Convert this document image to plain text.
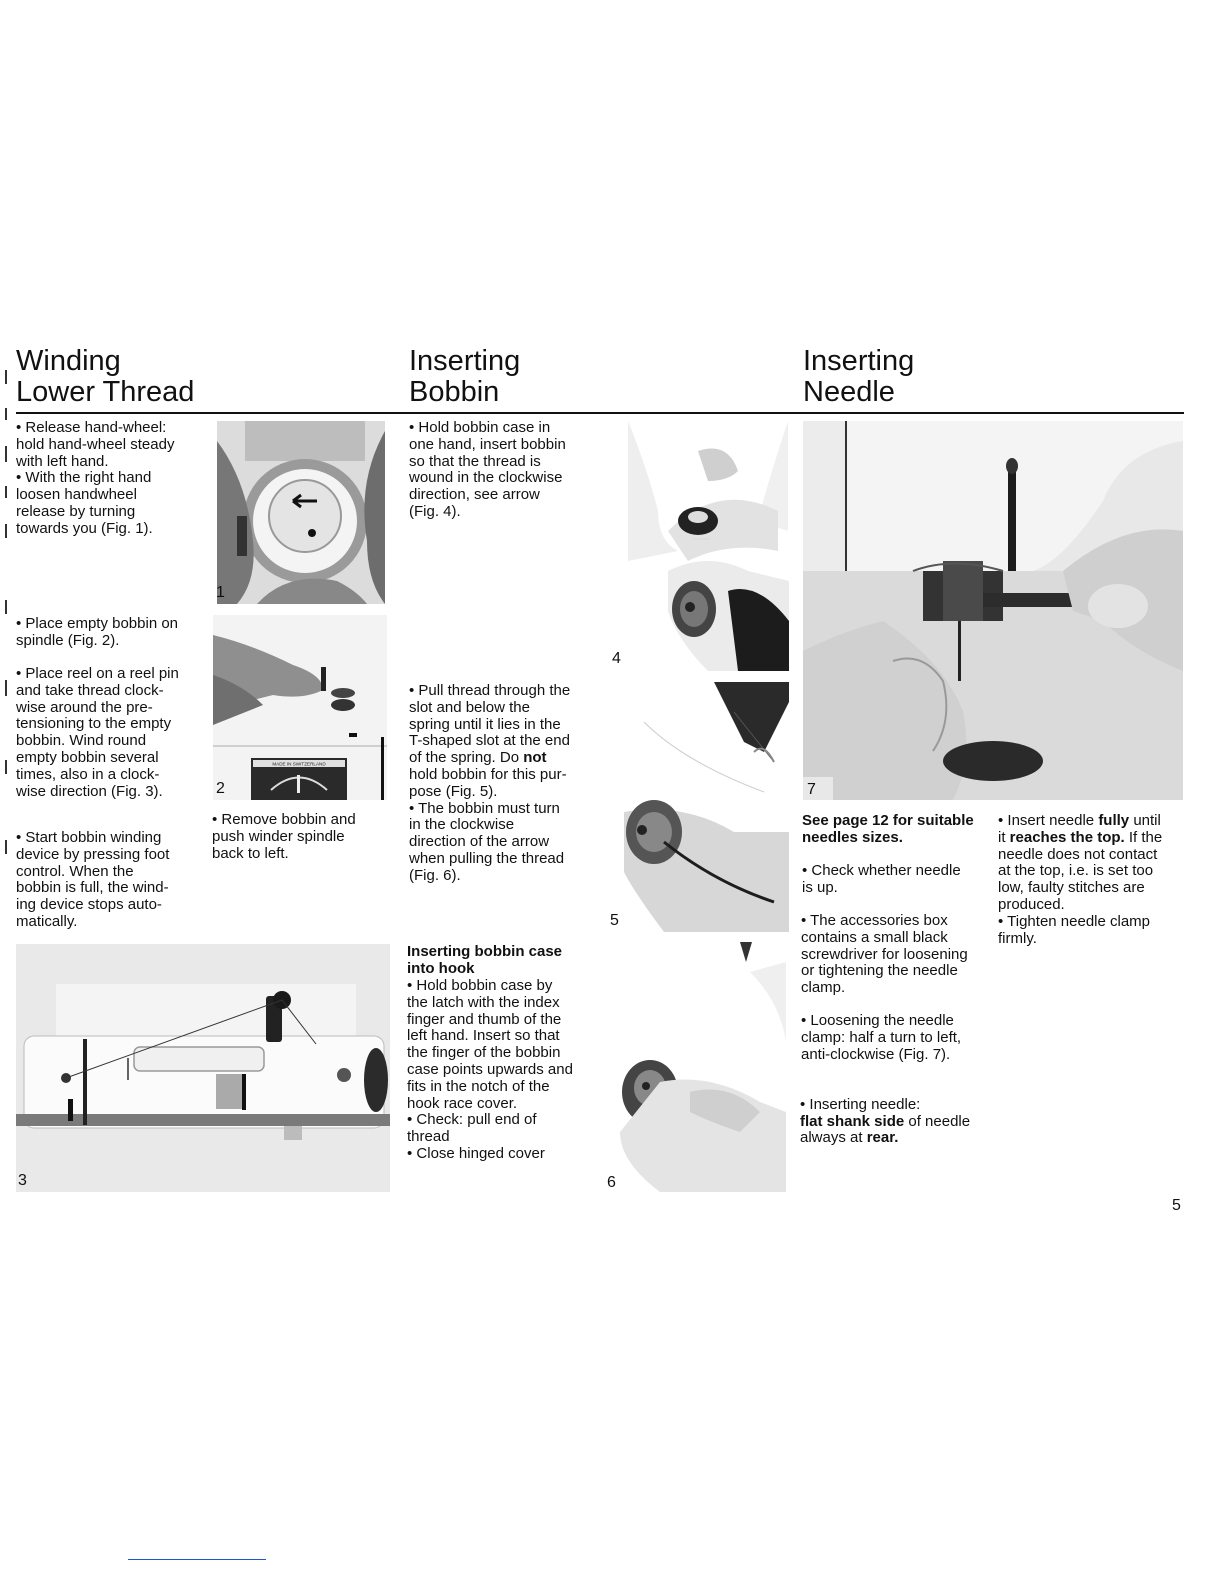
Winding
Lower Thread
Inserting
Bobbin
Inserting
Needle

• Release hand-wheel:
hold hand-wheel steady
with left hand.
• With the right hand
loosen handwheel
release by turning
towards you (Fig. 1).

• Place empty bobbin on
spindle (Fig. 2).

• Place reel on a reel pin
and take thread clock-
wise around the pre-
tensioning to the empty
bobbin. Wind round
empty bobbin several
times, also in a clock-
wise direction (Fig. 3).

• Start bobbin winding
device by pressing foot
control. When the
bobbin is full, the wind-
ing device stops auto-
matically.

• Remove bobbin and
push winder spindle
back to left.

1
MADE IN SWITZERLAND
2
3

• Hold bobbin case in
one hand, insert bobbin
so that the thread is
wound in the clockwise
direction, see arrow
(Fig. 4).

• Pull thread through the
slot and below the
spring until it lies in the
T-shaped slot at the end
of the spring. Do not
hold bobbin for this pur-
pose (Fig. 5).
• The bobbin must turn
in the clockwise
direction of the arrow
when pulling the thread
(Fig. 6).

Inserting bobbin case
into hook

• Hold bobbin case by
the latch with the index
finger and thumb of the
left hand. Insert so that
the finger of the bobbin
case points upwards and
fits in the notch of the
hook race cover.
• Check: pull end of
thread
• Close hinged cover

4
5
6
7

See page 12 for suitable
needles sizes.

• Check whether needle
is up.

• The accessories box
contains a small black
screwdriver for loosening
or tightening the needle
clamp.

• Loosening the needle
clamp: half a turn to left,
anti-clockwise (Fig. 7).

• Inserting needle:

flat shank side of needle
always at rear.

• Insert needle fully until
it reaches the top. If the
needle does not contact
at the top, i.e. is set too
low, faulty stitches are
produced.
• Tighten needle clamp
firmly.

5
